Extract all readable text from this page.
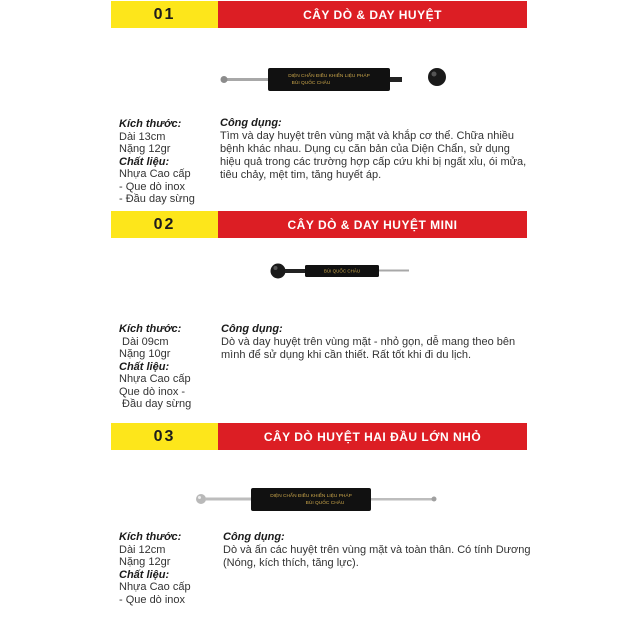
01	CÂY DÒ & DAY HUYỆT
DIỆN CHẨN ĐIỀU KHIỂN LIỆU PHÁP
BÙI QUỐC CHÂU
Kích thước:
Dài 13cm
Nặng 12gr
Chất liệu:
Nhựa Cao cấp
- Que dò inox
- Đầu day sừng
Công dụng:
Tìm và day huyệt trên vùng mặt và khắp cơ thể. Chữa nhiều
bệnh khác nhau. Dụng cụ căn bản của Diện Chẩn, sử dụng
hiệu quả trong các trường hợp cấp cứu khi bị ngất xỉu, ói mửa,
tiêu chảy, mệt tim, tăng huyết áp.
02	CÂY DÒ & DAY HUYỆT MINI
BÙI QUỐC CHÂU
Kích thước:
Dài 09cm
Nặng 10gr
Chất liệu:
Nhựa Cao cấp
Que dò inox -
Đầu day sừng
Công dụng:
Dò và day huyệt trên vùng mặt - nhỏ gọn, dễ mang theo bên
mình để sử dụng khi cần thiết. Rất tốt khi đi du lịch.
03	CÂY DÒ HUYỆT HAI ĐẦU LỚN NHỎ
DIỆN CHẨN ĐIỀU KHIỂN LIỆU PHÁP
BÙI QUỐC CHÂU
Kích thước:
Dài 12cm
Nặng 12gr
Chất liệu:
Nhựa Cao cấp
- Que dò inox
Công dụng:
Dò và ấn các huyệt trên vùng mặt và toàn thân. Có tính Dương
(Nóng, kích thích, tăng lực).
